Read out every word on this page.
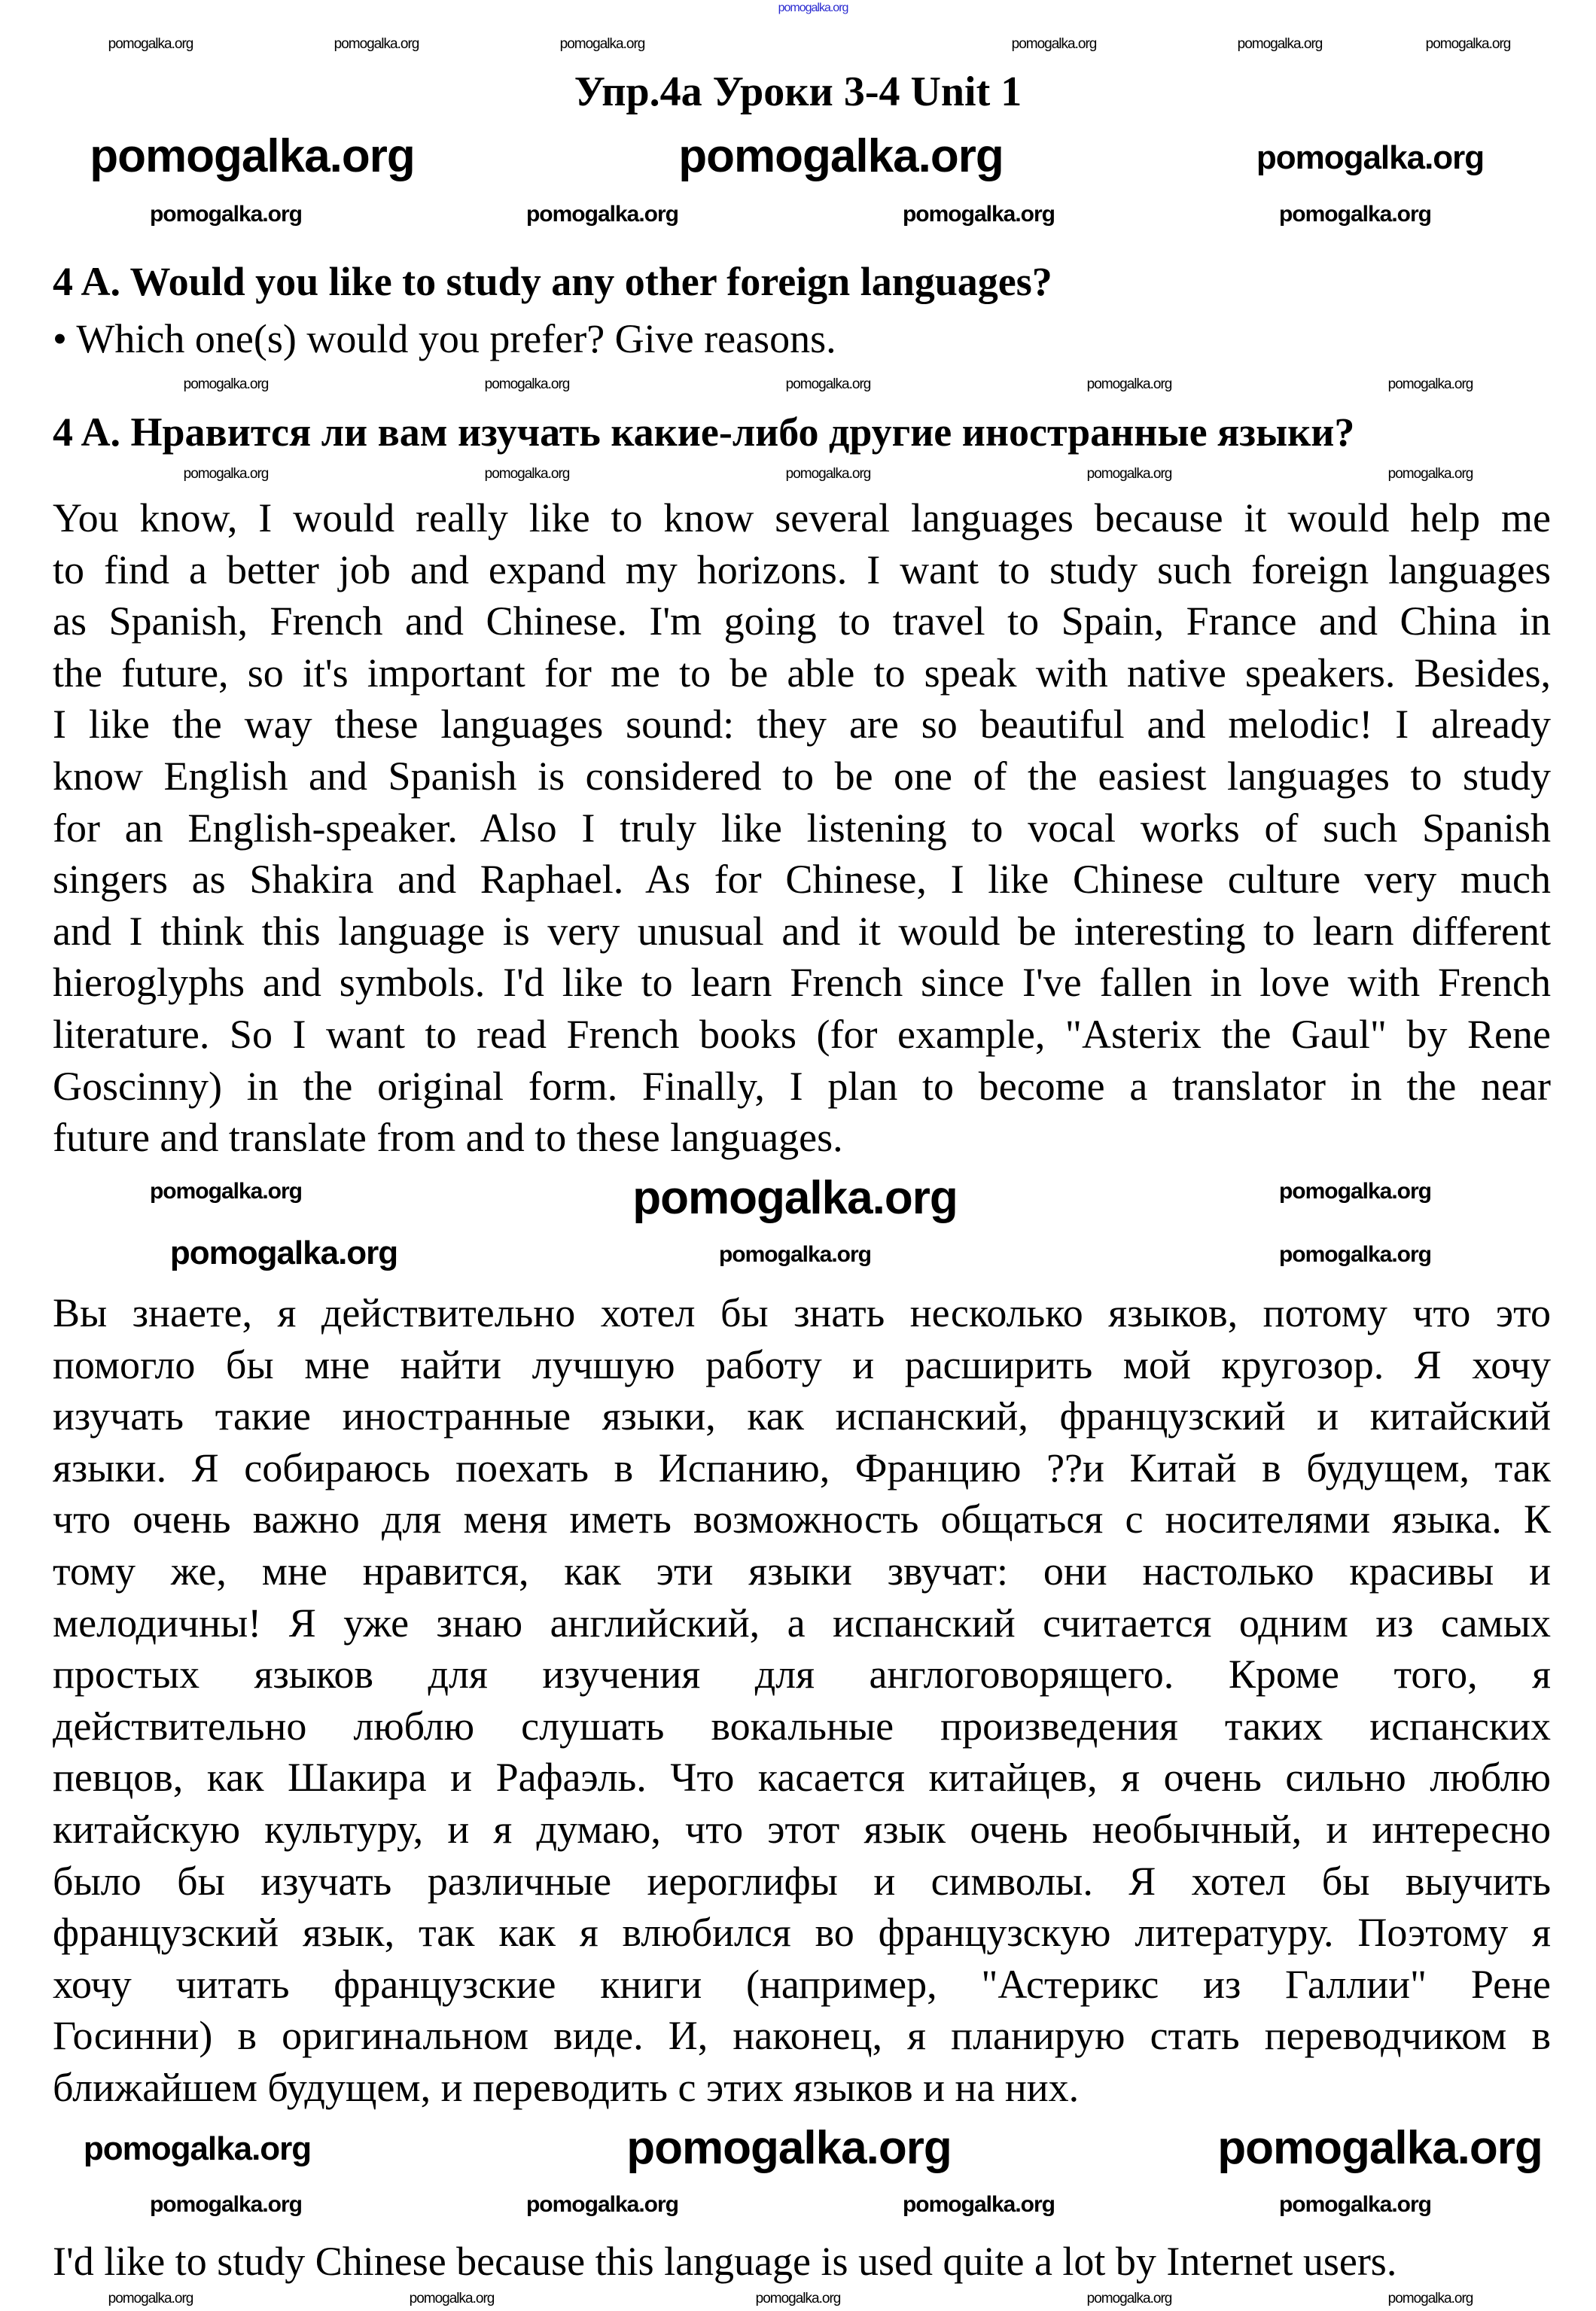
Упр.4а Уроки 3-4 Unit 1
4 A. Would you like to study any other foreign languages?
• Which one(s) would you prefer? Give reasons.
4 A. Нравится ли вам изучать какие-либо другие иностранные языки?
You know, I would really like to know several languages because it would help me
to find a better job and expand my horizons. I want to study such foreign languages
as Spanish, French and Chinese. I'm going to travel to Spain, France and China in
the future, so it's important for me to be able to speak with native speakers. Besides,
I like the way these languages sound: they are so beautiful and melodic! I already
know English and Spanish is considered to be one of the easiest languages to study
for an English-speaker. Also I truly like listening to vocal works of such Spanish
singers as Shakira and Raphael. As for Chinese, I like Chinese culture very much
and I think this language is very unusual and it would be interesting to learn different
hieroglyphs and symbols. I'd like to learn French since I've fallen in love with French
literature. So I want to read French books (for example, "Asterix the Gaul" by Rene
Goscinny) in the original form. Finally, I plan to become a translator in the near
future and translate from and to these languages.
Вы знаете, я действительно хотел бы знать несколько языков, потому что это
помогло бы мне найти лучшую работу и расширить мой кругозор. Я хочу
изучать такие иностранные языки, как испанский, французский и китайский
языки. Я собираюсь поехать в Испанию, Францию ??и Китай в будущем, так
что очень важно для меня иметь возможность общаться с носителями языка. К
тому же, мне нравится, как эти языки звучат: они настолько красивы и
мелодичны! Я уже знаю английский, а испанский считается одним из самых
простых языков для изучения для англоговорящего. Кроме того, я
действительно люблю слушать вокальные произведения таких испанских
певцов, как Шакира и Рафаэль. Что касается китайцев, я очень сильно люблю
китайскую культуру, и я думаю, что этот язык очень необычный, и интересно
было бы изучать различные иероглифы и символы. Я хотел бы выучить
французский язык, так как я влюбился во французскую литературу. Поэтому я
хочу читать французские книги (например, "Астерикс из Галлии" Рене
Госинни) в оригинальном виде. И, наконец, я планирую стать переводчиком в
ближайшем будущем, и переводить с этих языков и на них.
I'd like to study Chinese because this language is used quite a lot by Internet users.
pomogalka.org
pomogalka.org	pomogalka.org	pomogalka.org	pomogalka.org	pomogalka.org	pomogalka.org
pomogalka.org	pomogalka.org	pomogalka.org
pomogalka.org	pomogalka.org	pomogalka.org	pomogalka.org
pomogalka.org	pomogalka.org	pomogalka.org	pomogalka.org	pomogalka.org
pomogalka.org	pomogalka.org	pomogalka.org	pomogalka.org	pomogalka.org
pomogalka.org
pomogalka.org
pomogalka.org	pomogalka.org
pomogalka.org	pomogalka.org
pomogalka.org
pomogalka.org	pomogalka.org
pomogalka.org	pomogalka.org	pomogalka.org	pomogalka.org
pomogalka.org	pomogalka.org	pomogalka.org	pomogalka.org	pomogalka.org
